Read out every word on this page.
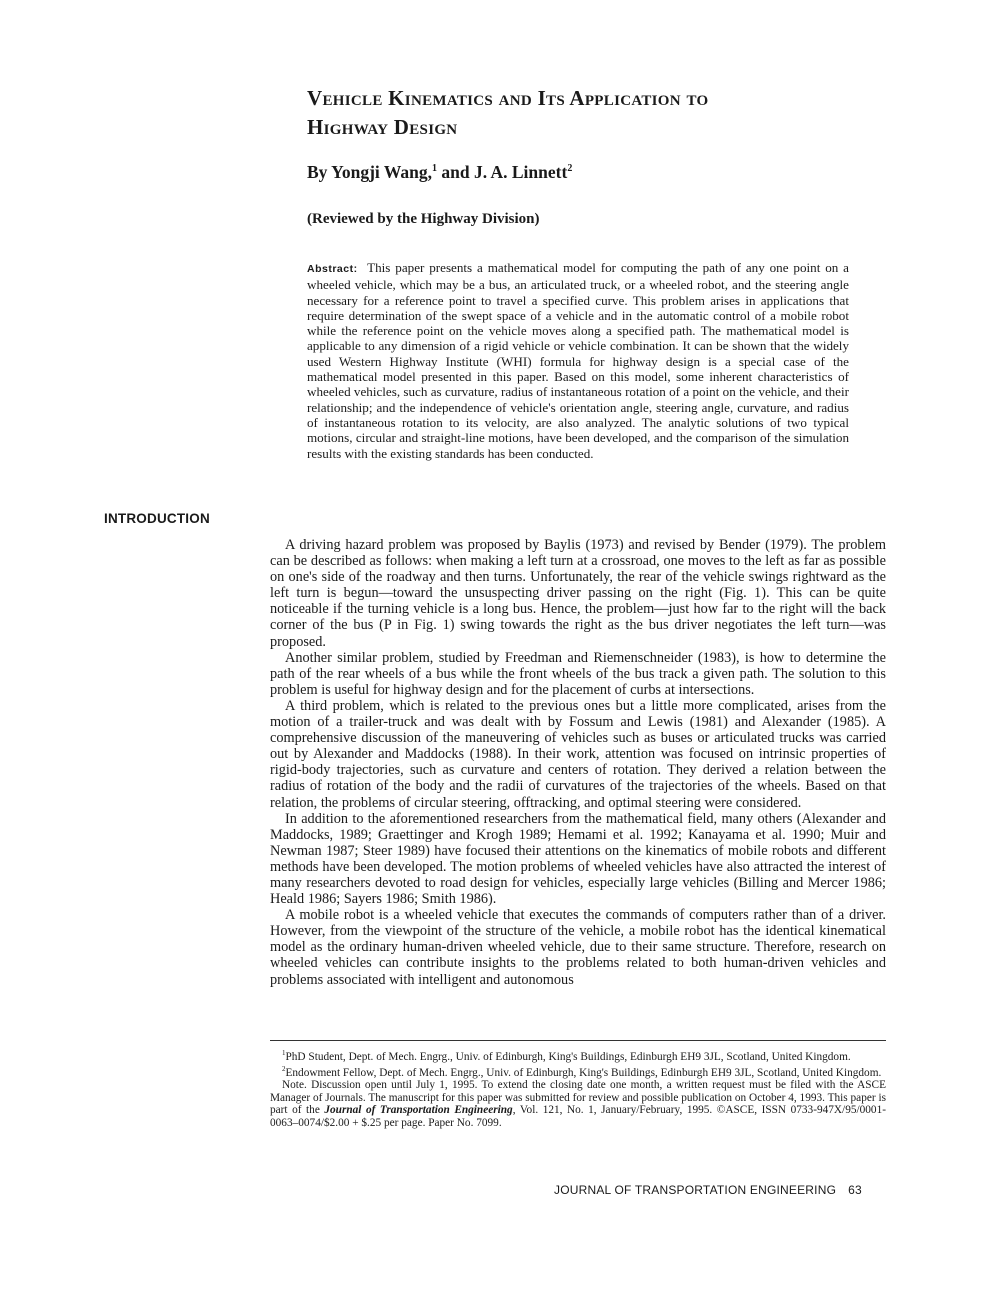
Vehicle Kinematics and Its Application to
Highway Design

By Yongji Wang,$^1$ and J. A. Linnett$^2$

(Reviewed by the Highway Division)

Abstract: This paper presents a mathematical model for computing the path of any one point on a wheeled vehicle, which may be a bus, an articulated truck, or a wheeled robot, and the steering angle necessary for a reference point to travel a specified curve. This problem arises in applications that require determination of the swept space of a vehicle and in the automatic control of a mobile robot while the reference point on the vehicle moves along a specified path. The mathematical model is applicable to any dimension of a rigid vehicle or vehicle combination. It can be shown that the widely used Western Highway Institute (WHI) formula for highway design is a special case of the mathematical model presented in this paper. Based on this model, some inherent characteristics of wheeled vehicles, such as curvature, radius of instantaneous rotation of a point on the vehicle, and their relationship; and the independence of vehicle's orientation angle, steering angle, curvature, and radius of instantaneous rotation to its velocity, are also analyzed. The analytic solutions of two typical motions, circular and straight-line motions, have been developed, and the comparison of the simulation results with the existing standards has been conducted.

INTRODUCTION

A driving hazard problem was proposed by Baylis (1973) and revised by Bender (1979). The problem can be described as follows: when making a left turn at a crossroad, one moves to the left as far as possible on one's side of the roadway and then turns. Unfortunately, the rear of the vehicle swings rightward as the left turn is begun—toward the unsuspecting driver passing on the right (Fig. 1). This can be quite noticeable if the turning vehicle is a long bus. Hence, the problem—just how far to the right will the back corner of the bus (P in Fig. 1) swing towards the right as the bus driver negotiates the left turn—was proposed.

Another similar problem, studied by Freedman and Riemenschneider (1983), is how to determine the path of the rear wheels of a bus while the front wheels of the bus track a given path. The solution to this problem is useful for highway design and for the placement of curbs at intersections.

A third problem, which is related to the previous ones but a little more complicated, arises from the motion of a trailer-truck and was dealt with by Fossum and Lewis (1981) and Alexander (1985). A comprehensive discussion of the maneuvering of vehicles such as buses or articulated trucks was carried out by Alexander and Maddocks (1988). In their work, attention was focused on intrinsic properties of rigid-body trajectories, such as curvature and centers of rotation. They derived a relation between the radius of rotation of the body and the radii of curvatures of the trajectories of the wheels. Based on that relation, the problems of circular steering, offtracking, and optimal steering were considered.

In addition to the aforementioned researchers from the mathematical field, many others (Alexander and Maddocks, 1989; Graettinger and Krogh 1989; Hemami et al. 1992; Kanayama et al. 1990; Muir and Newman 1987; Steer 1989) have focused their attentions on the kinematics of mobile robots and different methods have been developed. The motion problems of wheeled vehicles have also attracted the interest of many researchers devoted to road design for vehicles, especially large vehicles (Billing and Mercer 1986; Heald 1986; Sayers 1986; Smith 1986).

A mobile robot is a wheeled vehicle that executes the commands of computers rather than of a driver. However, from the viewpoint of the structure of the vehicle, a mobile robot has the identical kinematical model as the ordinary human-driven wheeled vehicle, due to their same structure. Therefore, research on wheeled vehicles can contribute insights to the problems related to both human-driven vehicles and problems associated with intelligent and autonomous

$^1$PhD Student, Dept. of Mech. Engrg., Univ. of Edinburgh, King's Buildings, Edinburgh EH9 3JL, Scotland, United Kingdom.

$^2$Endowment Fellow, Dept. of Mech. Engrg., Univ. of Edinburgh, King's Buildings, Edinburgh EH9 3JL, Scotland, United Kingdom.

Note. Discussion open until July 1, 1995. To extend the closing date one month, a written request must be filed with the ASCE Manager of Journals. The manuscript for this paper was submitted for review and possible publication on October 4, 1993. This paper is part of the Journal of Transportation Engineering, Vol. 121, No. 1, January/February, 1995. ©ASCE, ISSN 0733-947X/95/0001-0063–0074/$2.00 + $.25 per page. Paper No. 7099.

JOURNAL OF TRANSPORTATION ENGINEERING 63
